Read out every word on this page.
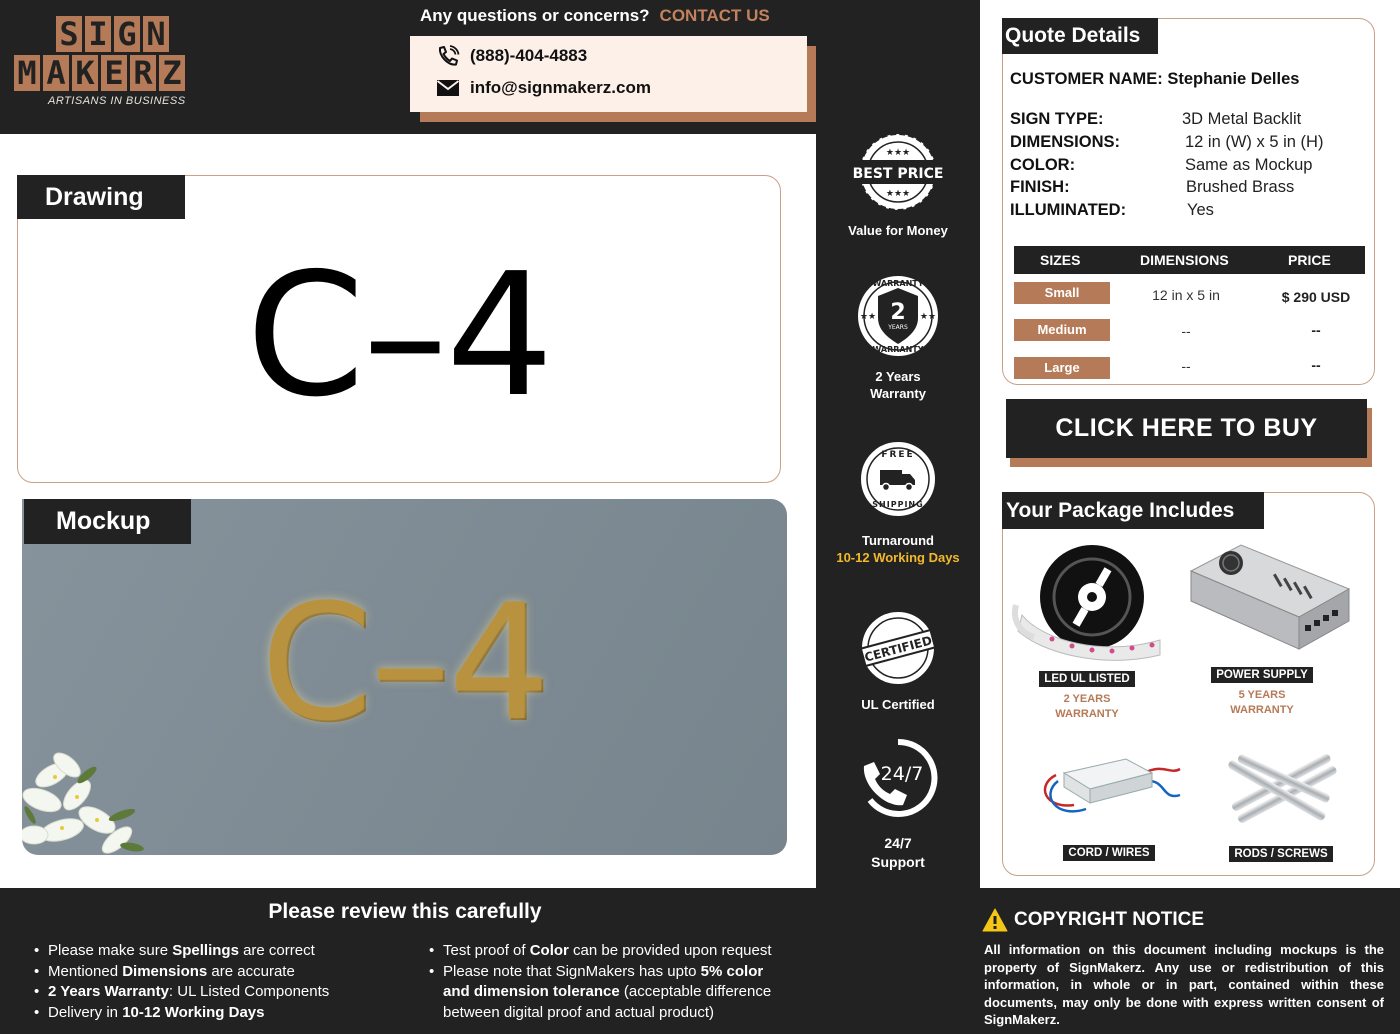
S I G N
M A K E R Z
ARTISANS IN BUSINESS
Any questions or concerns? CONTACT US
(888)-404-4883
info@signmakerz.com
Drawing
C–4
Mockup
C–4
BEST PRICE
★★★
★★★
Value for Money
2
YEARS
WARRANTY
WARRANTY
★★	★★
2 Years
Warranty
FREE
SHIPPING
Turnaround
10-12 Working Days
CERTIFIED
UL Certified
24/7
24/7
Support
Quote Details
CUSTOMER NAME: Stephanie Delles
SIGN TYPE:	3D Metal Backlit
DIMENSIONS:	12 in (W) x 5 in (H)
COLOR:	Same as Mockup
FINISH:	Brushed Brass
ILLUMINATED:	Yes
SIZES	DIMENSIONS	PRICE
Small	12 in x 5 in	$ 290 USD
Medium	--	--
Large	--	--
CLICK HERE TO BUY
Your Package Includes
LED UL LISTED
2 YEARS
WARRANTY
POWER SUPPLY
5 YEARS
WARRANTY
CORD / WIRES	RODS / SCREWS
Please review this carefully
• Please make sure Spellings are correct
• Mentioned Dimensions are accurate
• 2 Years Warranty: UL Listed Components
• Delivery in 10-12 Working Days
• Test proof of Color can be provided upon request
• Please note that SignMakers has upto 5% color
and dimension tolerance (acceptable difference
between digital proof and actual product)
COPYRIGHT NOTICE
All information on this document including mockups is the property of SignMakerz. Any use or redistribution of this information, in whole or in part, contained within these documents, may only be done with express written consent of SignMakerz.
